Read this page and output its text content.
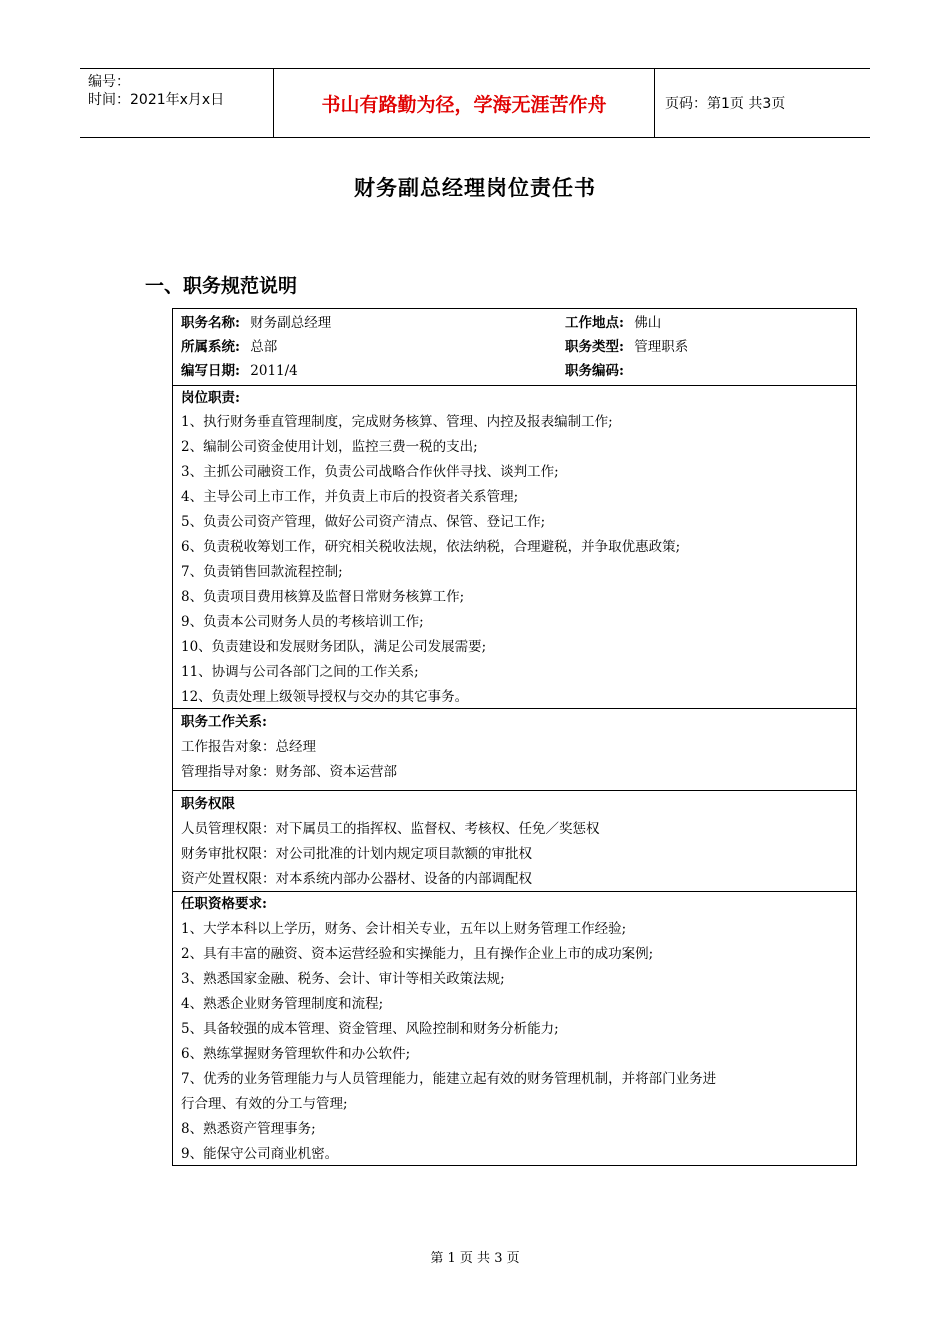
编号：
时间：2021年x月x日	书山有路勤为径，学海无涯苦作舟	页码：第1页 共3页
财务副总经理岗位责任书
一、职务规范说明
职务名称: 财务副总经理	工作地点: 佛山
所属系统: 总部	职务类型: 管理职系
编写日期: 2011/4	职务编码:
岗位职责:
1、执行财务垂直管理制度，完成财务核算、管理、内控及报表编制工作;
2、编制公司资金使用计划，监控三费一税的支出;
3、主抓公司融资工作，负责公司战略合作伙伴寻找、谈判工作;
4、主导公司上市工作，并负责上市后的投资者关系管理;
5、负责公司资产管理，做好公司资产清点、保管、登记工作;
6、负责税收筹划工作，研究相关税收法规，依法纳税，合理避税，并争取优惠政策;
7、负责销售回款流程控制;
8、负责项目费用核算及监督日常财务核算工作;
9、负责本公司财务人员的考核培训工作;
10、负责建设和发展财务团队，满足公司发展需要;
11、协调与公司各部门之间的工作关系;
12、负责处理上级领导授权与交办的其它事务。
职务工作关系:
工作报告对象：总经理
管理指导对象：财务部、资本运营部
职务权限
人员管理权限：对下属员工的指挥权、监督权、考核权、任免／奖惩权
财务审批权限：对公司批准的计划内规定项目款额的审批权
资产处置权限：对本系统内部办公器材、设备的内部调配权
任职资格要求:
1、大学本科以上学历，财务、会计相关专业，五年以上财务管理工作经验;
2、具有丰富的融资、资本运营经验和实操能力，且有操作企业上市的成功案例;
3、熟悉国家金融、税务、会计、审计等相关政策法规;
4、熟悉企业财务管理制度和流程;
5、具备较强的成本管理、资金管理、风险控制和财务分析能力;
6、熟练掌握财务管理软件和办公软件;
7、优秀的业务管理能力与人员管理能力，能建立起有效的财务管理机制，并将部门业务进
行合理、有效的分工与管理;
8、熟悉资产管理事务;
9、能保守公司商业机密。
第 1 页 共 3 页
